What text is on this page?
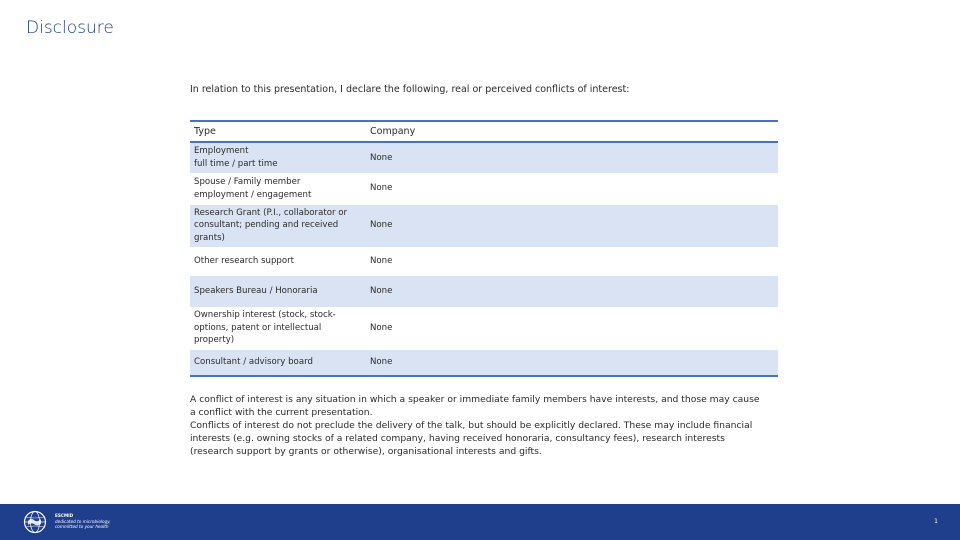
Disclosure
In relation to this presentation, I declare the following, real or perceived conflicts of interest:
Type	Company
Employment
full time / part time	None
Spouse / Family member
employment / engagement	None
Research Grant (P.I., collaborator or consultant; pending and received grants)	None
Other research support	None
Speakers Bureau / Honoraria	None
Ownership interest (stock, stock-options, patent or intellectual property)	None
Consultant / advisory board	None

A conflict of interest is any situation in which a speaker or immediate family members have interests, and those may cause a conflict with the current presentation.

Conflicts of interest do not preclude the delivery of the talk, but should be explicitly declared. These may include financial interests (e.g. owning stocks of a related company, having received honoraria, consultancy fees), research interests (research support by grants or otherwise), organisational interests and gifts.

ESCMID
dedicated to microbiology,
committed to your health
1
